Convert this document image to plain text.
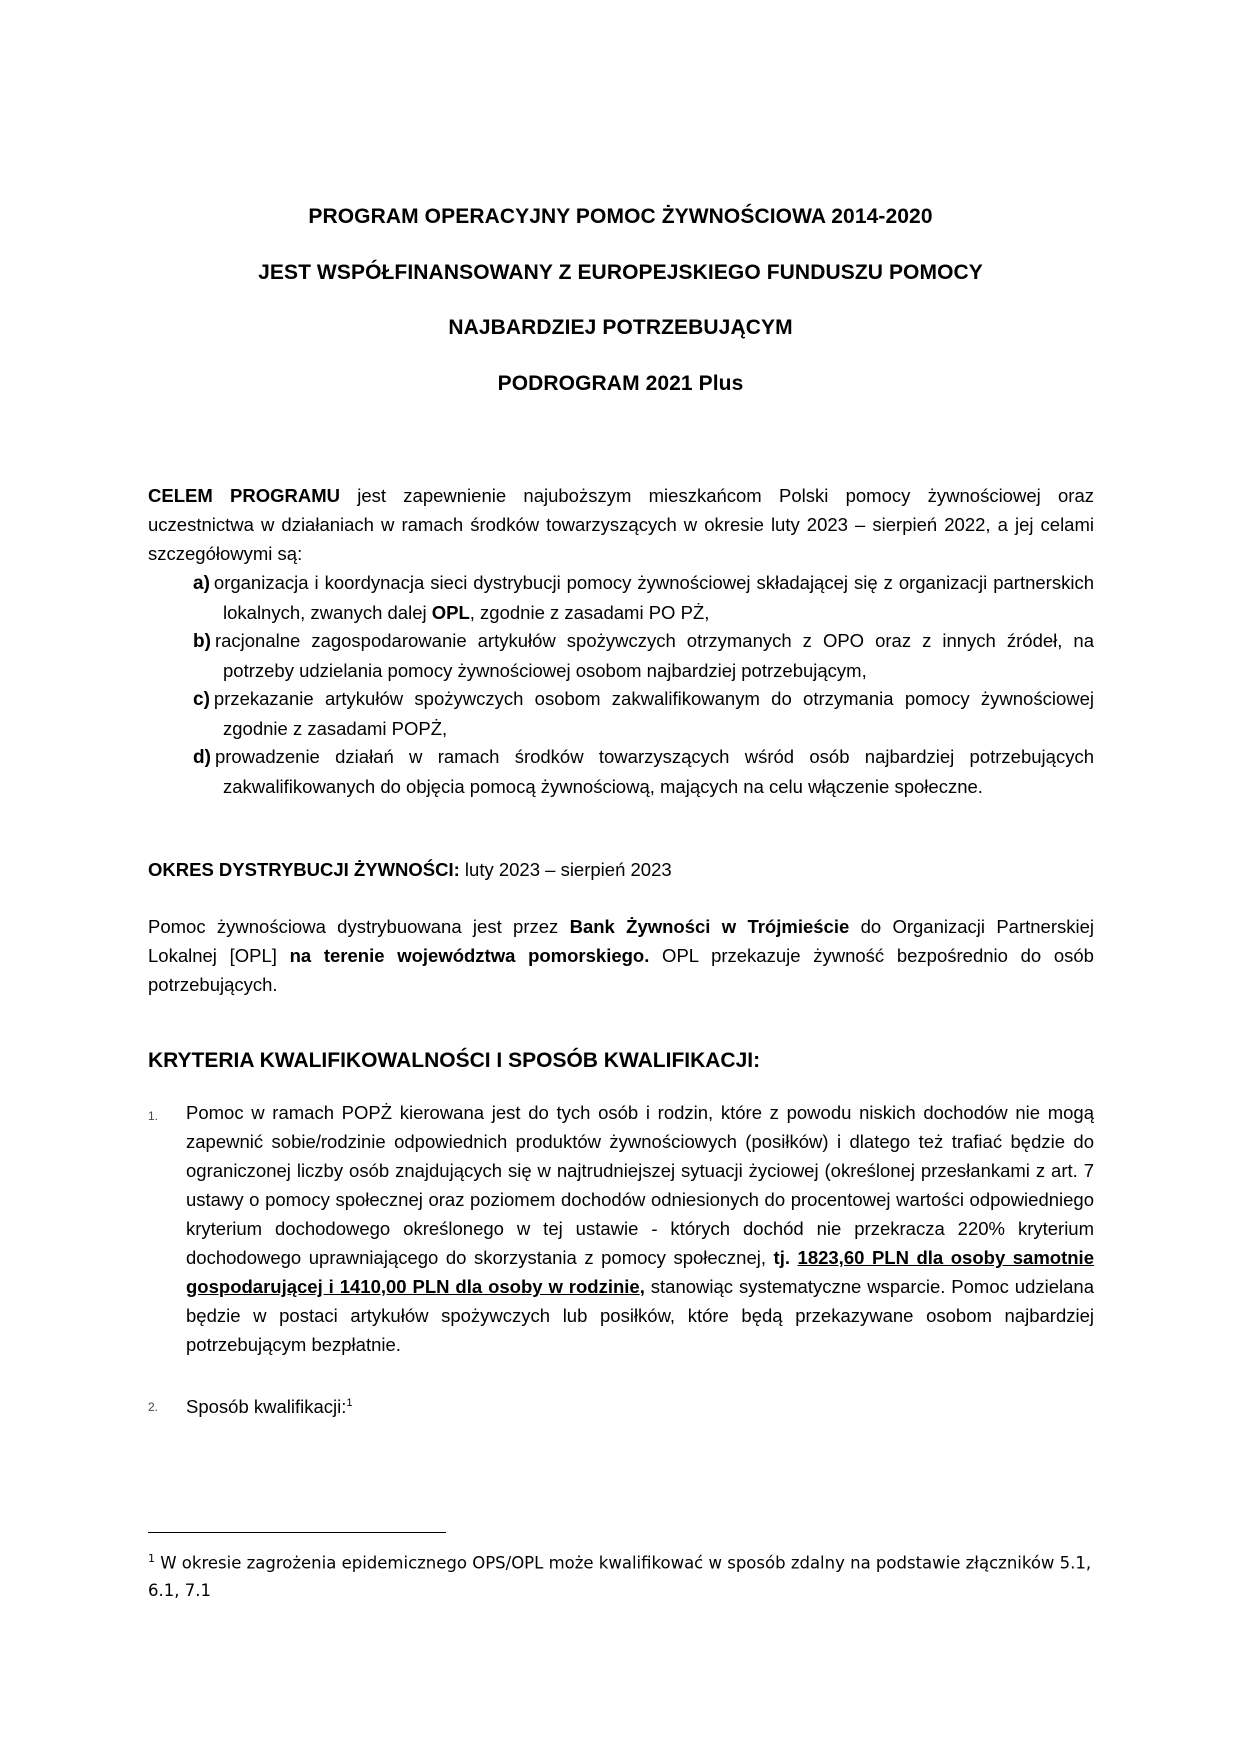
PROGRAM OPERACYJNY POMOC ŻYWNOŚCIOWA 2014-2020
JEST WSPÓŁFINANSOWANY Z EUROPEJSKIEGO FUNDUSZU POMOCY
NAJBARDZIEJ POTRZEBUJĄCYM
PODROGRAM 2021 Plus
CELEM PROGRAMU jest zapewnienie najuboższym mieszkańcom Polski pomocy żywnościowej oraz uczestnictwa w działaniach w ramach środków towarzyszących w okresie luty 2023 – sierpień 2022, a jej celami szczegółowymi są:
a) organizacja i koordynacja sieci dystrybucji pomocy żywnościowej składającej się z organizacji partnerskich lokalnych, zwanych dalej OPL, zgodnie z zasadami PO PŻ,
b) racjonalne zagospodarowanie artykułów spożywczych otrzymanych z OPO oraz z innych źródeł, na potrzeby udzielania pomocy żywnościowej osobom najbardziej potrzebującym,
c) przekazanie artykułów spożywczych osobom zakwalifikowanym do otrzymania pomocy żywnościowej zgodnie z zasadami POPŻ,
d) prowadzenie działań w ramach środków towarzyszących wśród osób najbardziej potrzebujących zakwalifikowanych do objęcia pomocą żywnościową, mających na celu włączenie społeczne.
OKRES DYSTRYBUCJI ŻYWNOŚCI: luty 2023 – sierpień 2023
Pomoc żywnościowa dystrybuowana jest przez Bank Żywności w Trójmieście do Organizacji Partnerskiej Lokalnej [OPL] na terenie województwa pomorskiego. OPL przekazuje żywność bezpośrednio do osób potrzebujących.
KRYTERIA KWALIFIKOWALNOŚCI I SPOSÓB KWALIFIKACJI:
1. Pomoc w ramach POPŻ kierowana jest do tych osób i rodzin, które z powodu niskich dochodów nie mogą zapewnić sobie/rodzinie odpowiednich produktów żywnościowych (posiłków) i dlatego też trafiać będzie do ograniczonej liczby osób znajdujących się w najtrudniejszej sytuacji życiowej (określonej przesłankami z art. 7 ustawy o pomocy społecznej oraz poziomem dochodów odniesionych do procentowej wartości odpowiedniego kryterium dochodowego określonego w tej ustawie - których dochód nie przekracza 220% kryterium dochodowego uprawniającego do skorzystania z pomocy społecznej, tj. 1823,60 PLN dla osoby samotnie gospodarującej i 1410,00 PLN dla osoby w rodzinie, stanowiąc systematyczne wsparcie. Pomoc udzielana będzie w postaci artykułów spożywczych lub posiłków, które będą przekazywane osobom najbardziej potrzebującym bezpłatnie.
2. Sposób kwalifikacji:$^1$
$^1$ W okresie zagrożenia epidemicznego OPS/OPL może kwalifikować w sposób zdalny na podstawie złączników 5.1, 6.1, 7.1
